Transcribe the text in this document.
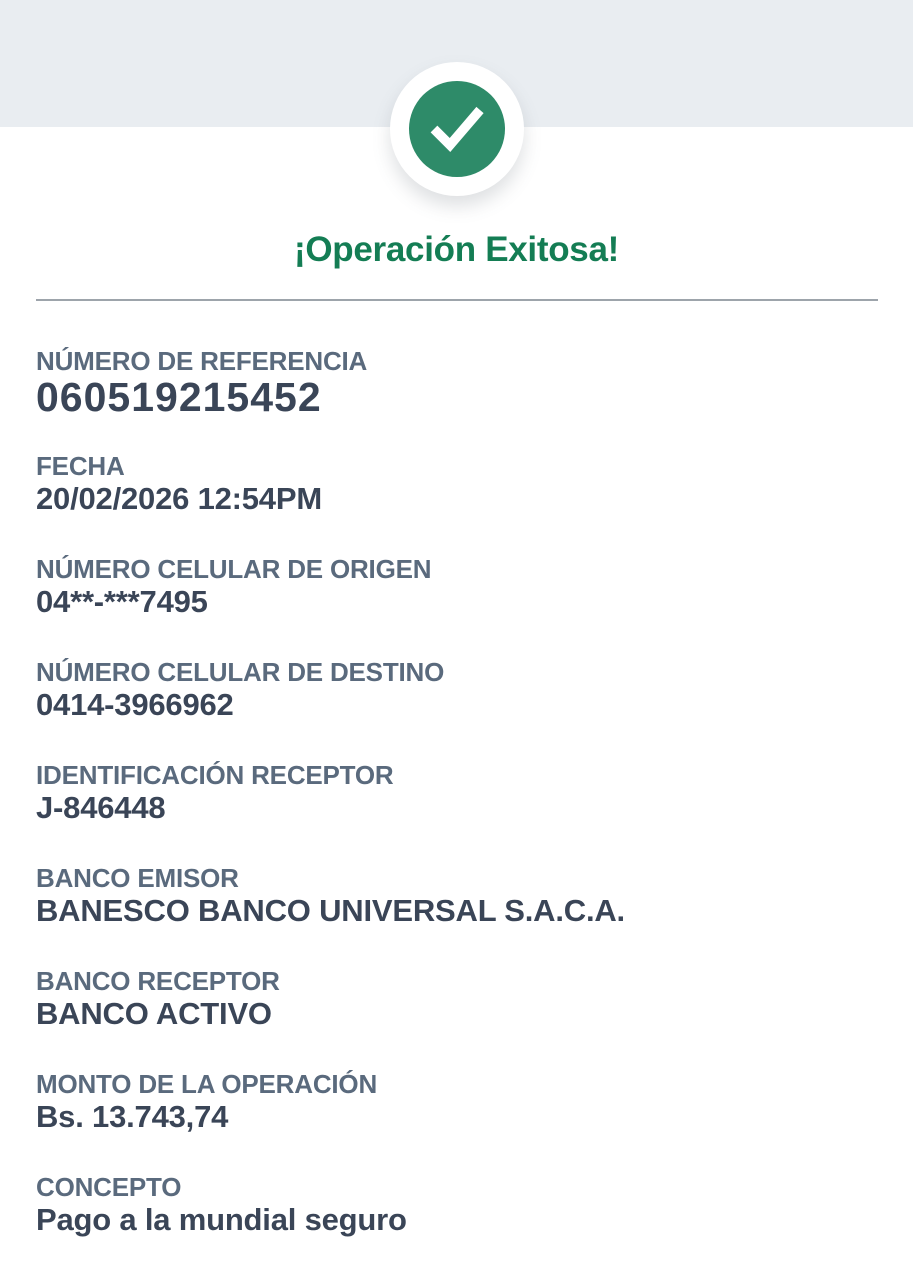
¡Operación Exitosa!
NÚMERO DE REFERENCIA
060519215452
FECHA
20/02/2026 12:54PM
NÚMERO CELULAR DE ORIGEN
04**-***7495
NÚMERO CELULAR DE DESTINO
0414-3966962
IDENTIFICACIÓN RECEPTOR
J-846448
BANCO EMISOR
BANESCO BANCO UNIVERSAL S.A.C.A.
BANCO RECEPTOR
BANCO ACTIVO
MONTO DE LA OPERACIÓN
Bs. 13.743,74
CONCEPTO
Pago a la mundial seguro
